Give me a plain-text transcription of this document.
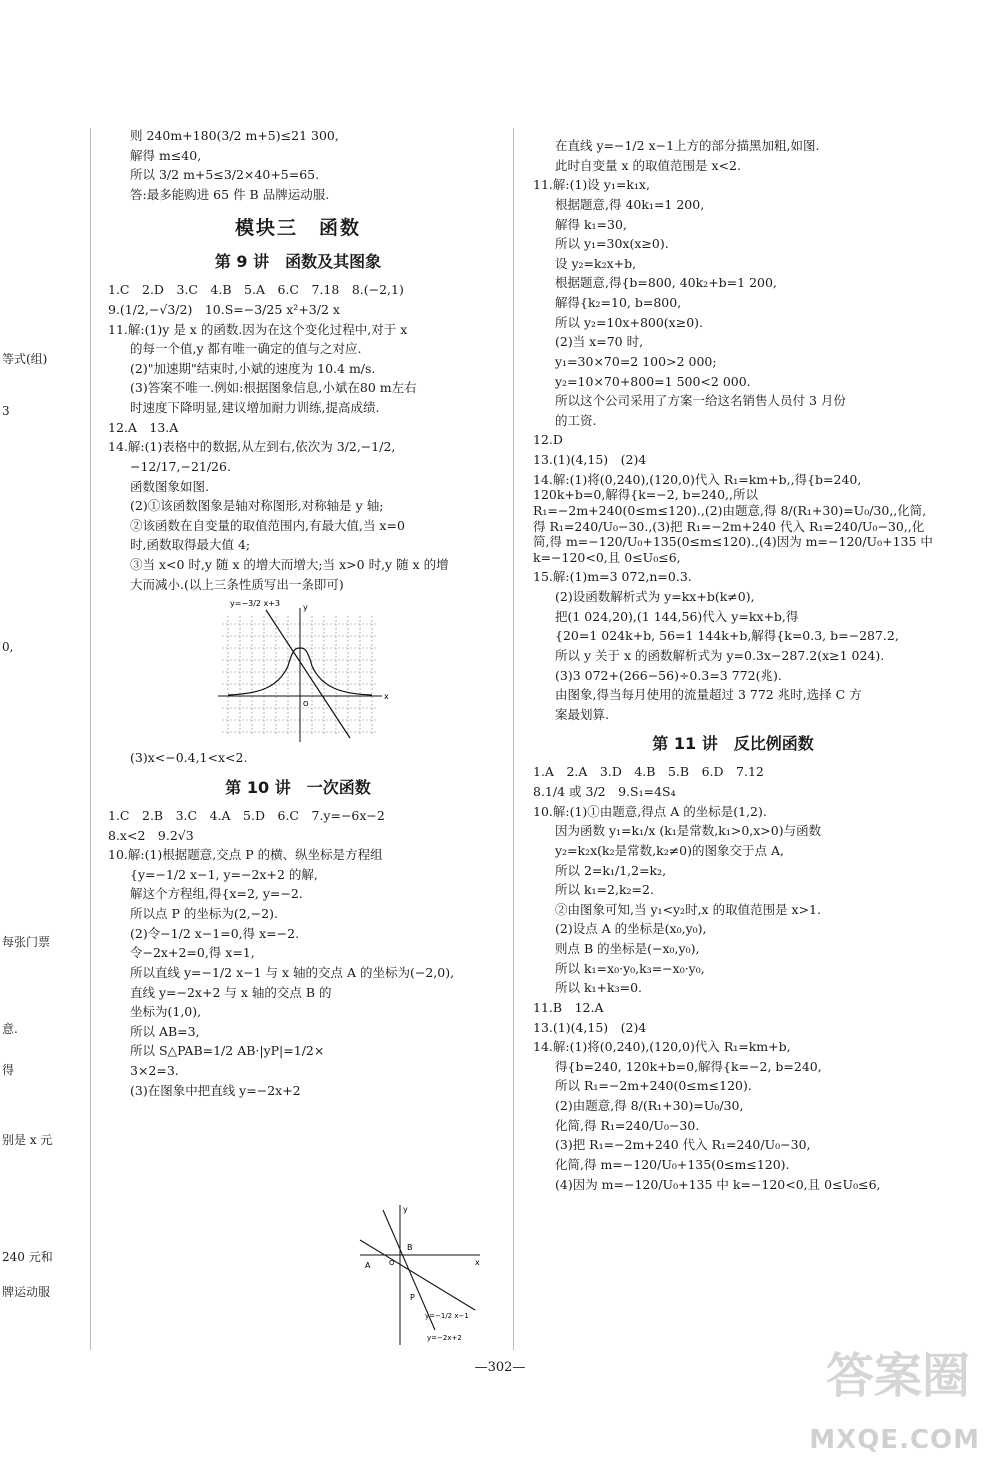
等式(组)
3
0,
每张门票
意.
得
别是 x 元
240 元和
牌运动服
则 240m+180(3/2 m+5)≤21 300,
解得 m≤40,
所以 3/2 m+5≤3/2×40+5=65.
答:最多能购进 65 件 B 品牌运动服.
模块三　函数
第 9 讲　函数及其图象
1.C　2.D　3.C　4.B　5.A　6.C　7.18　8.(−2,1)
9.(1/2,−√3/2)　10.S=−3/25 x²+3/2 x
11.解:(1)y 是 x 的函数.因为在这个变化过程中,对于 x
的每一个值,y 都有唯一确定的值与之对应.
(2)"加速期"结束时,小斌的速度为 10.4 m/s.
(3)答案不唯一.例如:根据图象信息,小斌在80 m左右
时速度下降明显,建议增加耐力训练,提高成绩.
12.A　13.A
14.解:(1)表格中的数据,从左到右,依次为 3/2,−1/2,
−12/17,−21/26.
函数图象如图.
(2)①该函数图象是轴对称图形,对称轴是 y 轴;
②该函数在自变量的取值范围内,有最大值,当 x=0
时,函数取得最大值 4;
③当 x<0 时,y 随 x 的增大而增大;当 x>0 时,y 随 x 的增
大而减小.(以上三条性质写出一条即可)
x
y
O
y=−3/2 x+3
(3)x<−0.4,1<x<2.
第 10 讲　一次函数
1.C　2.B　3.C　4.A　5.D　6.C　7.y=−6x−2
8.x<2　9.2√3
10.解:(1)根据题意,交点 P 的横、纵坐标是方程组
{y=−1/2 x−1, y=−2x+2 的解,
解这个方程组,得{x=2, y=−2.
所以点 P 的坐标为(2,−2).
(2)令−1/2 x−1=0,得 x=−2.
令−2x+2=0,得 x=1,
所以直线 y=−1/2 x−1 与 x 轴的交点 A 的坐标为(−2,0),
直线 y=−2x+2 与 x 轴的交点 B 的
坐标为(1,0),
所以 AB=3,
所以 S△PAB=1/2 AB·|yP|=1/2×
3×2=3.
(3)在图象中把直线 y=−2x+2
y
x
O
A
B
P
y=−1/2 x−1
y=−2x+2
在直线 y=−1/2 x−1上方的部分描黑加粗,如图.
此时自变量 x 的取值范围是 x<2.
11.解:(1)设 y₁=k₁x,
根据题意,得 40k₁=1 200,
解得 k₁=30,
所以 y₁=30x(x≥0).
设 y₂=k₂x+b,
根据题意,得{b=800, 40k₂+b=1 200,
解得{k₂=10, b=800,
所以 y₂=10x+800(x≥0).
(2)当 x=70 时,
y₁=30×70=2 100>2 000;
y₂=10×70+800=1 500<2 000.
所以这个公司采用了方案一给这名销售人员付 3 月份
的工资.
12.D
13.(1)(4,15)　(2)4
14.解:(1)将(0,240),(120,0)代入 R₁=km+b,,得{b=240, 120k+b=0,解得{k=−2, b=240,,所以 R₁=−2m+240(0≤m≤120).,(2)由题意,得 8/(R₁+30)=U₀/30,,化简,得 R₁=240/U₀−30.,(3)把 R₁=−2m+240 代入 R₁=240/U₀−30,,化简,得 m=−120/U₀+135(0≤m≤120).,(4)因为 m=−120/U₀+135 中 k=−120<0,且 0≤U₀≤6,
15.解:(1)m=3 072,n=0.3.
(2)设函数解析式为 y=kx+b(k≠0),
把(1 024,20),(1 144,56)代入 y=kx+b,得
{20=1 024k+b, 56=1 144k+b,解得{k=0.3, b=−287.2,
所以 y 关于 x 的函数解析式为 y=0.3x−287.2(x≥1 024).
(3)3 072+(266−56)÷0.3=3 772(兆).
由图象,得当每月使用的流量超过 3 772 兆时,选择 C 方
案最划算.
第 11 讲　反比例函数
1.A　2.A　3.D　4.B　5.B　6.D　7.12
8.1/4 或 3/2　9.S₁=4S₄
10.解:(1)①由题意,得点 A 的坐标是(1,2).
因为函数 y₁=k₁/x (k₁是常数,k₁>0,x>0)与函数
y₂=k₂x(k₂是常数,k₂≠0)的图象交于点 A,
所以 2=k₁/1,2=k₂,
所以 k₁=2,k₂=2.
②由图象可知,当 y₁<y₂时,x 的取值范围是 x>1.
(2)设点 A 的坐标是(x₀,y₀),
则点 B 的坐标是(−x₀,y₀),
所以 k₁=x₀·y₀,k₃=−x₀·y₀,
所以 k₁+k₃=0.
11.B　12.A
13.(1)(4,15)　(2)4
14.解:(1)将(0,240),(120,0)代入 R₁=km+b,
得{b=240, 120k+b=0,解得{k=−2, b=240,
所以 R₁=−2m+240(0≤m≤120).
(2)由题意,得 8/(R₁+30)=U₀/30,
化简,得 R₁=240/U₀−30.
(3)把 R₁=−2m+240 代入 R₁=240/U₀−30,
化简,得 m=−120/U₀+135(0≤m≤120).
(4)因为 m=−120/U₀+135 中 k=−120<0,且 0≤U₀≤6,
—302—	答案圈
MXQE.COM
